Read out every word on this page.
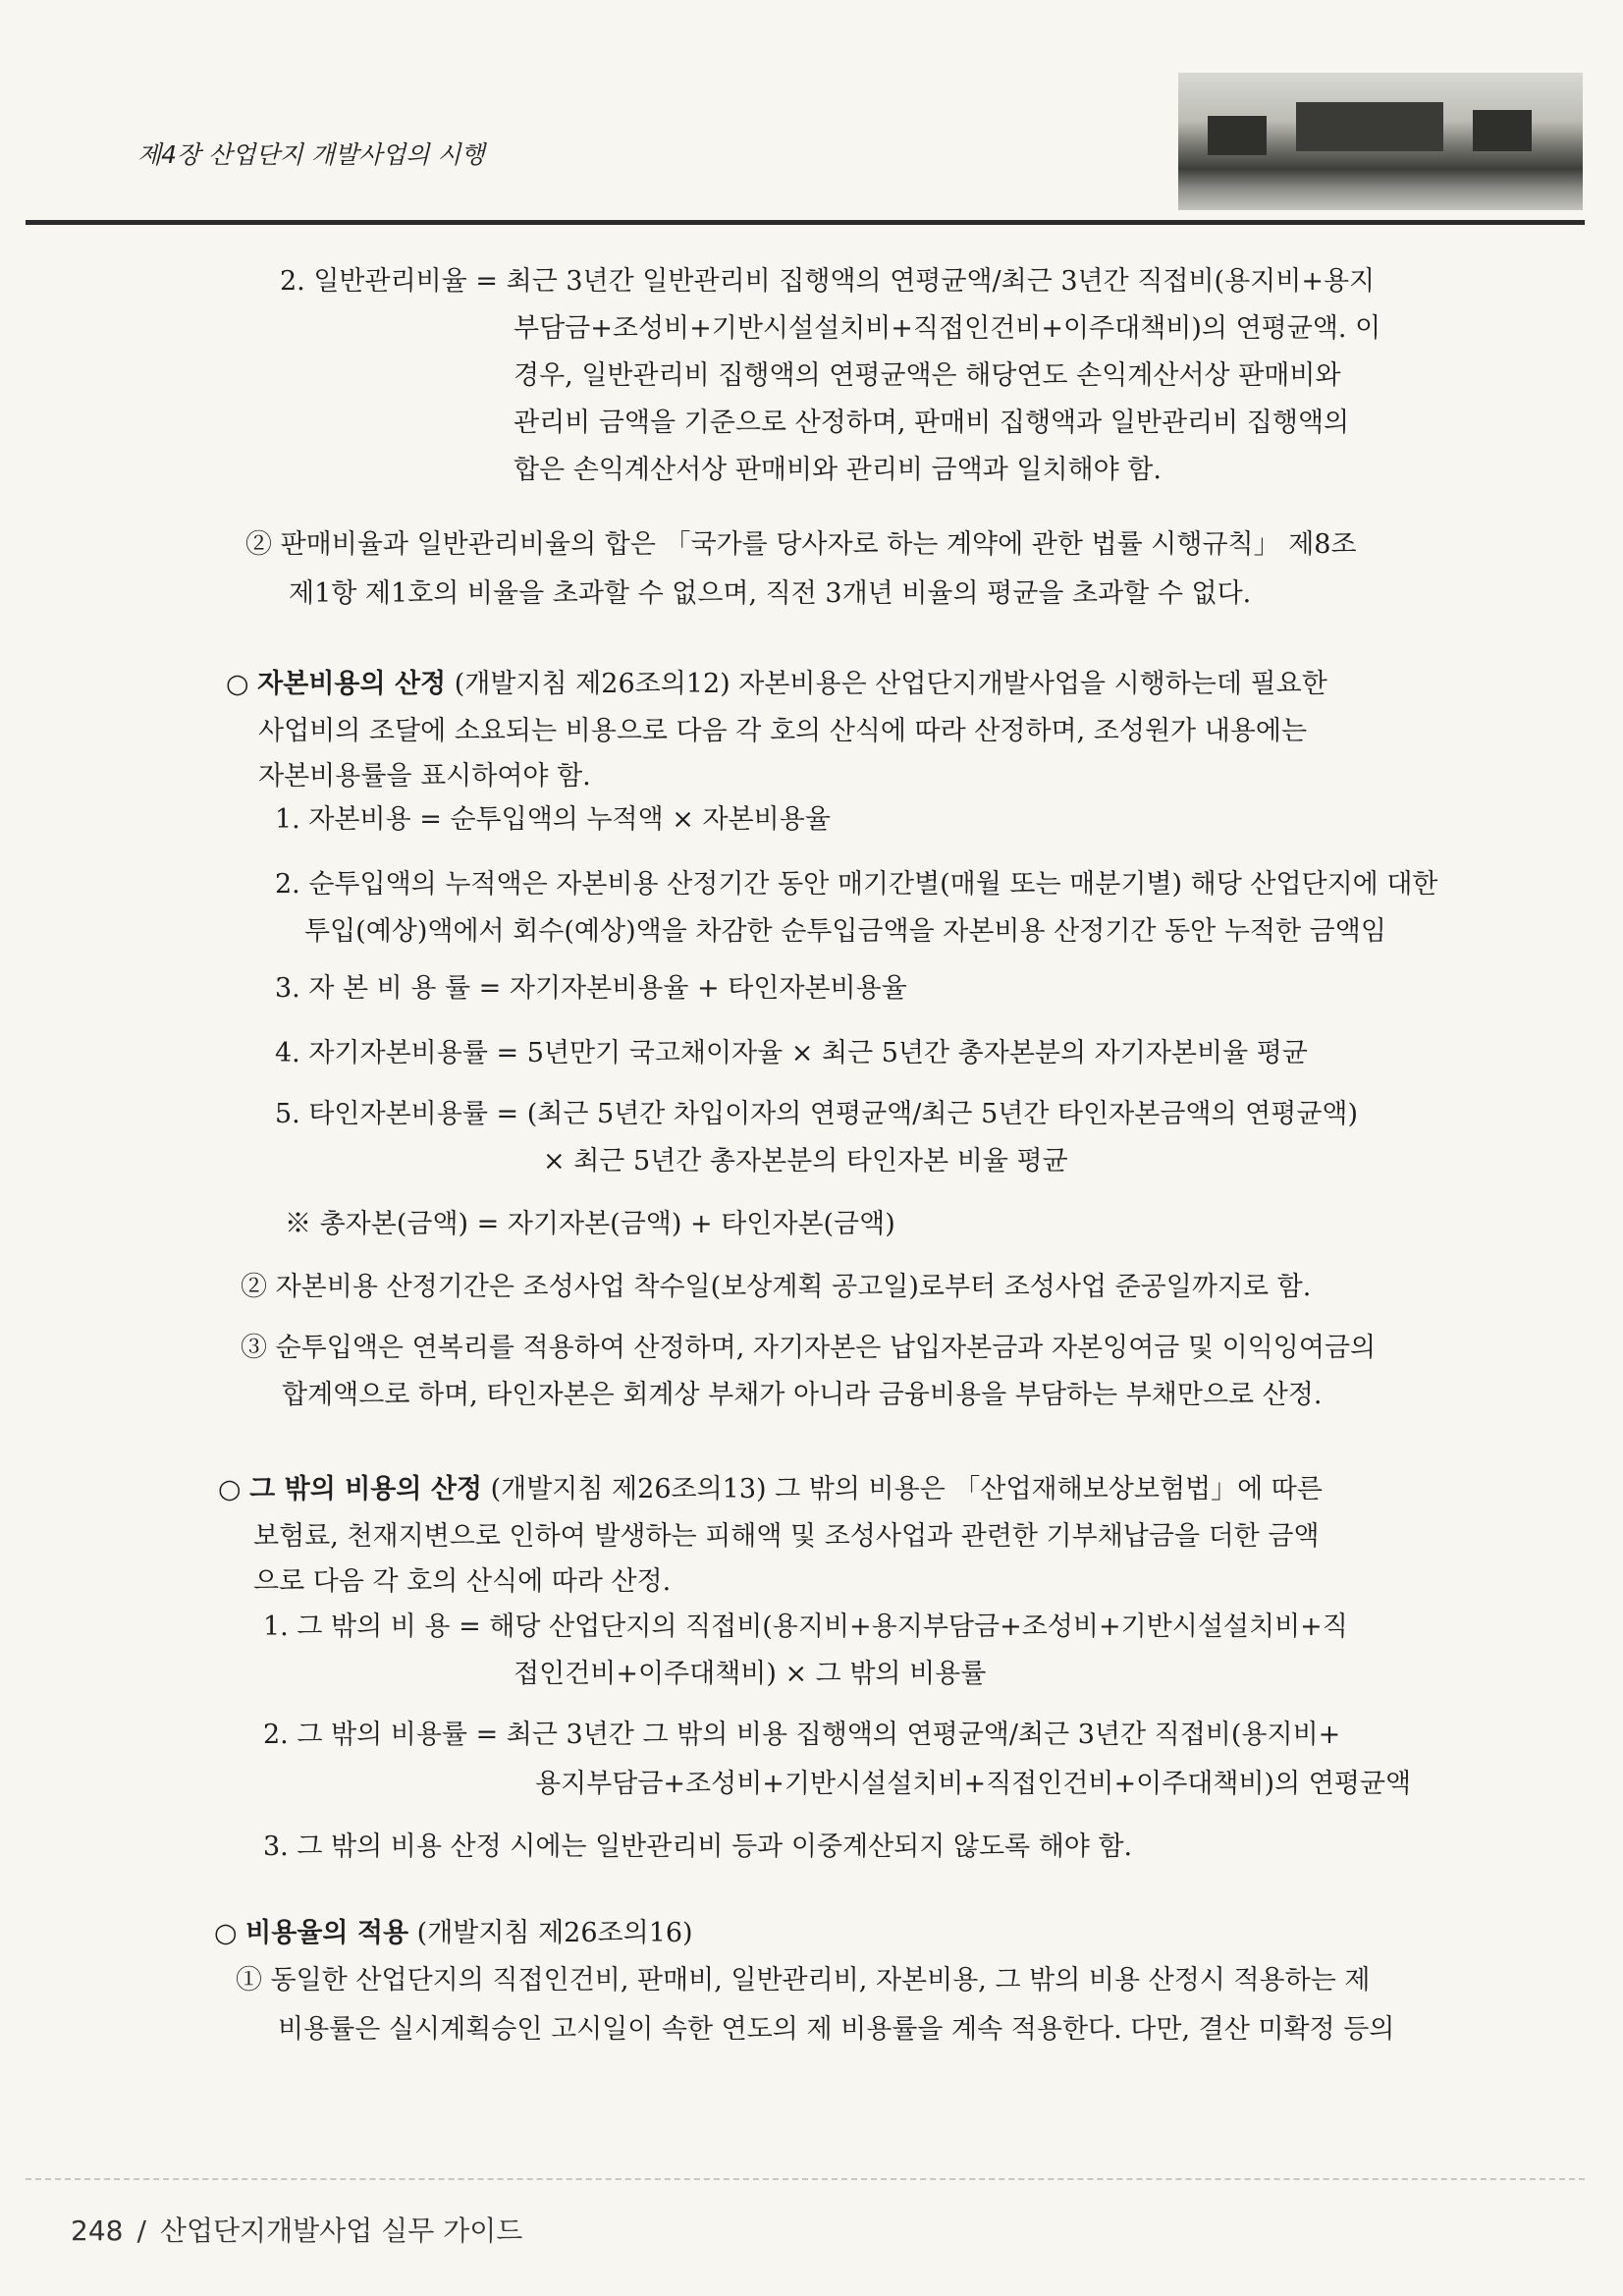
제4장 산업단지 개발사업의 시행
2. 일반관리비율 = 최근 3년간 일반관리비 집행액의 연평균액/최근 3년간 직접비(용지비+용지
부담금+조성비+기반시설설치비+직접인건비+이주대책비)의 연평균액. 이
경우, 일반관리비 집행액의 연평균액은 해당연도 손익계산서상 판매비와
관리비 금액을 기준으로 산정하며, 판매비 집행액과 일반관리비 집행액의
합은 손익계산서상 판매비와 관리비 금액과 일치해야 함.
② 판매비율과 일반관리비율의 합은 「국가를 당사자로 하는 계약에 관한 법률 시행규칙」 제8조
제1항 제1호의 비율을 초과할 수 없으며, 직전 3개년 비율의 평균을 초과할 수 없다.
○ 자본비용의 산정 (개발지침 제26조의12) 자본비용은 산업단지개발사업을 시행하는데 필요한
사업비의 조달에 소요되는 비용으로 다음 각 호의 산식에 따라 산정하며, 조성원가 내용에는
자본비용률을 표시하여야 함.
1. 자본비용 = 순투입액의 누적액 × 자본비용율
2. 순투입액의 누적액은 자본비용 산정기간 동안 매기간별(매월 또는 매분기별) 해당 산업단지에 대한
투입(예상)액에서 회수(예상)액을 차감한 순투입금액을 자본비용 산정기간 동안 누적한 금액임
3. 자 본 비 용 률 = 자기자본비용율 + 타인자본비용율
4. 자기자본비용률 = 5년만기 국고채이자율 × 최근 5년간 총자본분의 자기자본비율 평균
5. 타인자본비용률 = (최근 5년간 차입이자의 연평균액/최근 5년간 타인자본금액의 연평균액)
× 최근 5년간 총자본분의 타인자본 비율 평균
※ 총자본(금액) = 자기자본(금액) + 타인자본(금액)
② 자본비용 산정기간은 조성사업 착수일(보상계획 공고일)로부터 조성사업 준공일까지로 함.
③ 순투입액은 연복리를 적용하여 산정하며, 자기자본은 납입자본금과 자본잉여금 및 이익잉여금의
합계액으로 하며, 타인자본은 회계상 부채가 아니라 금융비용을 부담하는 부채만으로 산정.
○ 그 밖의 비용의 산정 (개발지침 제26조의13) 그 밖의 비용은 「산업재해보상보험법」에 따른
보험료, 천재지변으로 인하여 발생하는 피해액 및 조성사업과 관련한 기부채납금을 더한 금액
으로 다음 각 호의 산식에 따라 산정.
1. 그 밖의 비 용 = 해당 산업단지의 직접비(용지비+용지부담금+조성비+기반시설설치비+직
접인건비+이주대책비) × 그 밖의 비용률
2. 그 밖의 비용률 = 최근 3년간 그 밖의 비용 집행액의 연평균액/최근 3년간 직접비(용지비+
용지부담금+조성비+기반시설설치비+직접인건비+이주대책비)의 연평균액
3. 그 밖의 비용 산정 시에는 일반관리비 등과 이중계산되지 않도록 해야 함.
○ 비용율의 적용 (개발지침 제26조의16)
① 동일한 산업단지의 직접인건비, 판매비, 일반관리비, 자본비용, 그 밖의 비용 산정시 적용하는 제
비용률은 실시계획승인 고시일이 속한 연도의 제 비용률을 계속 적용한다. 다만, 결산 미확정 등의
248 / 산업단지개발사업 실무 가이드
